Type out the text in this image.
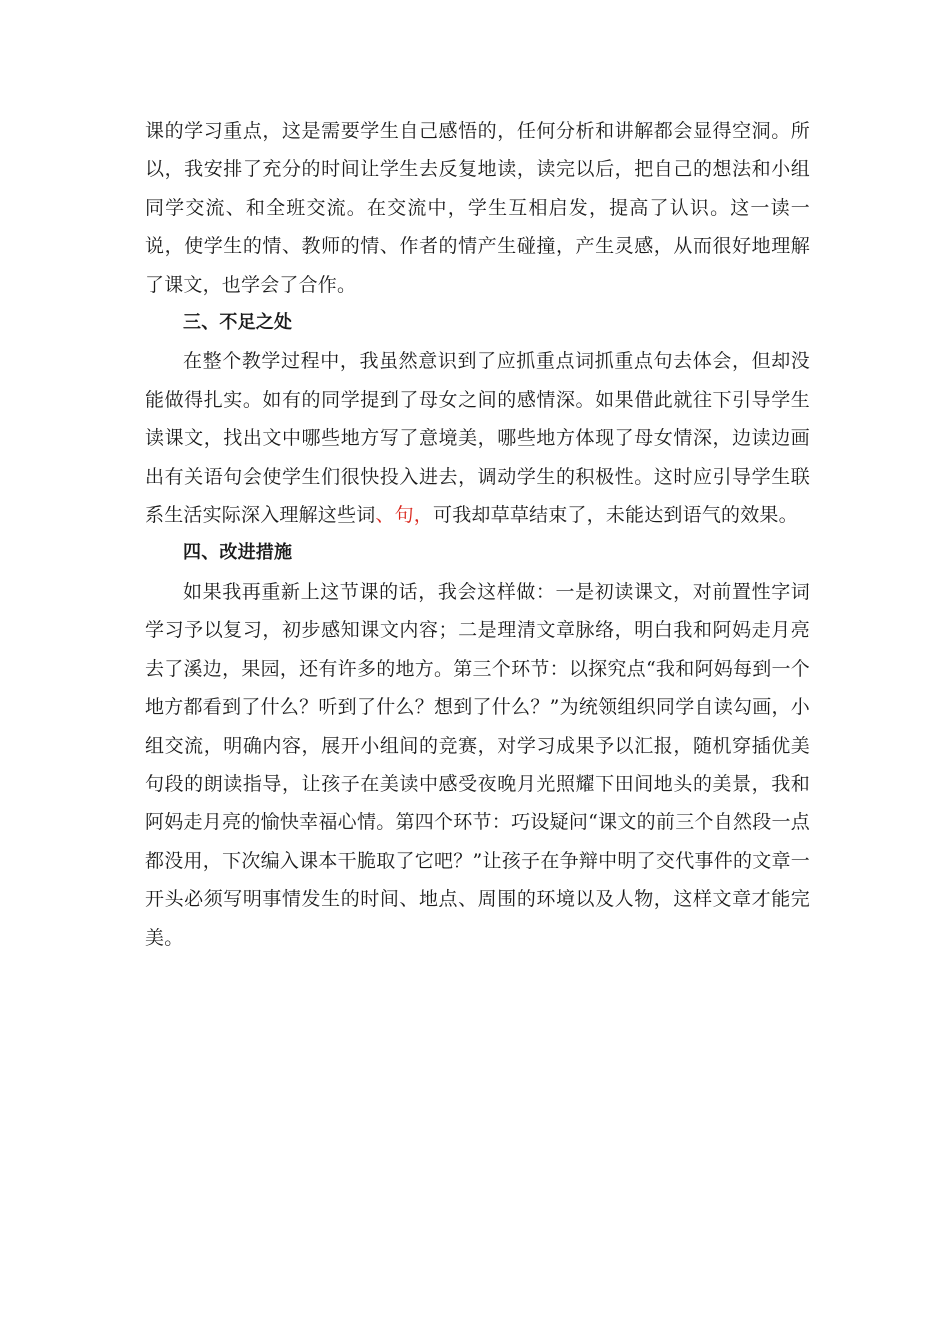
课的学习重点，这是需要学生自己感悟的，任何分析和讲解都会显得空洞。所以，我安排了充分的时间让学生去反复地读，读完以后，把自己的想法和小组同学交流、和全班交流。在交流中，学生互相启发，提高了认识。这一读一说，使学生的情、教师的情、作者的情产生碰撞，产生灵感，从而很好地理解了课文，也学会了合作。

三、不足之处

在整个教学过程中，我虽然意识到了应抓重点词抓重点句去体会，但却没能做得扎实。如有的同学提到了母女之间的感情深。如果借此就往下引导学生读课文，找出文中哪些地方写了意境美，哪些地方体现了母女情深，边读边画出有关语句会使学生们很快投入进去，调动学生的积极性。这时应引导学生联系生活实际深入理解这些词、句，可我却草草结束了，未能达到语气的效果。

四、改进措施

如果我再重新上这节课的话，我会这样做：一是初读课文，对前置性字词学习予以复习，初步感知课文内容；二是理清文章脉络，明白我和阿妈走月亮去了溪边，果园，还有许多的地方。第三个环节：以探究点“我和阿妈每到一个地方都看到了什么？听到了什么？想到了什么？”为统领组织同学自读勾画，小组交流，明确内容，展开小组间的竞赛，对学习成果予以汇报，随机穿插优美句段的朗读指导，让孩子在美读中感受夜晚月光照耀下田间地头的美景，我和阿妈走月亮的愉快幸福心情。第四个环节：巧设疑问“课文的前三个自然段一点都没用，下次编入课本干脆取了它吧？”让孩子在争辩中明了交代事件的文章一开头必须写明事情发生的时间、地点、周围的环境以及人物，这样文章才能完美。
